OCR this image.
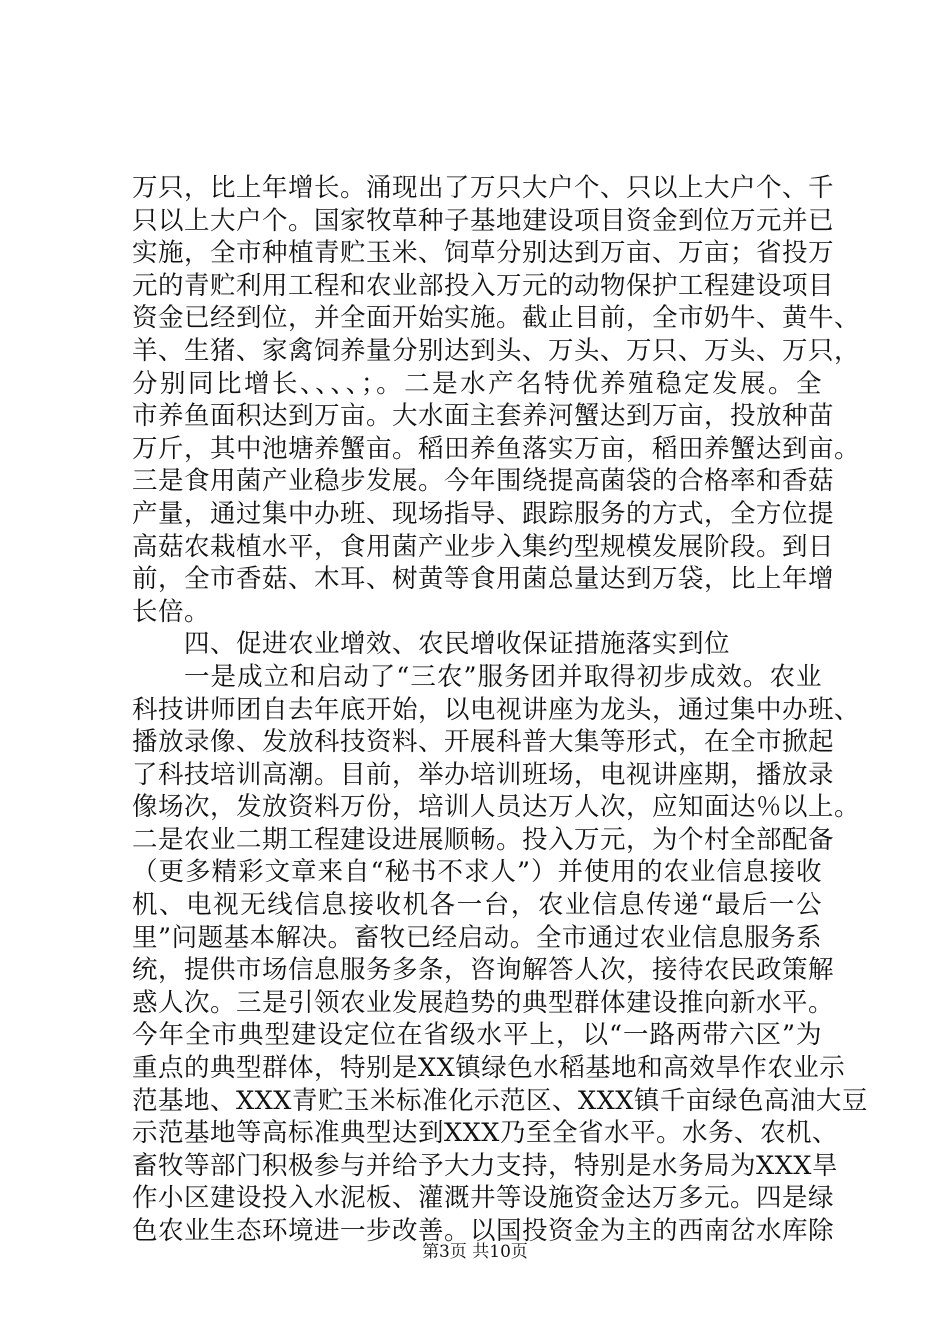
万只，比上年增长。涌现出了万只大户个、只以上大户个、千
只以上大户个。国家牧草种子基地建设项目资金到位万元并已
实施，全市种植青贮玉米、饲草分别达到万亩、万亩；省投万
元的青贮利用工程和农业部投入万元的动物保护工程建设项目
资金已经到位，并全面开始实施。截止目前，全市奶牛、黄牛、
羊、生猪、家禽饲养量分别达到头、万头、万只、万头、万只，
分别同比增长、、、、；。二是水产名特优养殖稳定发展。全
市养鱼面积达到万亩。大水面主套养河蟹达到万亩，投放种苗
万斤，其中池塘养蟹亩。稻田养鱼落实万亩，稻田养蟹达到亩。
三是食用菌产业稳步发展。今年围绕提高菌袋的合格率和香菇
产量，通过集中办班、现场指导、跟踪服务的方式，全方位提
高菇农栽植水平，食用菌产业步入集约型规模发展阶段。到日
前，全市香菇、木耳、树黄等食用菌总量达到万袋，比上年增
长倍。
四、促进农业增效、农民增收保证措施落实到位
一是成立和启动了“三农”服务团并取得初步成效。农业
科技讲师团自去年底开始，以电视讲座为龙头，通过集中办班、
播放录像、发放科技资料、开展科普大集等形式，在全市掀起
了科技培训高潮。目前，举办培训班场，电视讲座期，播放录
像场次，发放资料万份，培训人员达万人次，应知面达％以上。
二是农业二期工程建设进展顺畅。投入万元，为个村全部配备
（更多精彩文章来自“秘书不求人”）并使用的农业信息接收
机、电视无线信息接收机各一台，农业信息传递“最后一公
里”问题基本解决。畜牧已经启动。全市通过农业信息服务系
统，提供市场信息服务多条，咨询解答人次，接待农民政策解
惑人次。三是引领农业发展趋势的典型群体建设推向新水平。
今年全市典型建设定位在省级水平上，以“一路两带六区”为
重点的典型群体，特别是XX镇绿色水稻基地和高效旱作农业示
范基地、XXX青贮玉米标准化示范区、XXX镇千亩绿色高油大豆
示范基地等高标准典型达到XXX乃至全省水平。水务、农机、
畜牧等部门积极参与并给予大力支持，特别是水务局为XXX旱
作小区建设投入水泥板、灌溉井等设施资金达万多元。四是绿
色农业生态环境进一步改善。以国投资金为主的西南岔水库除
第3页 共10页
